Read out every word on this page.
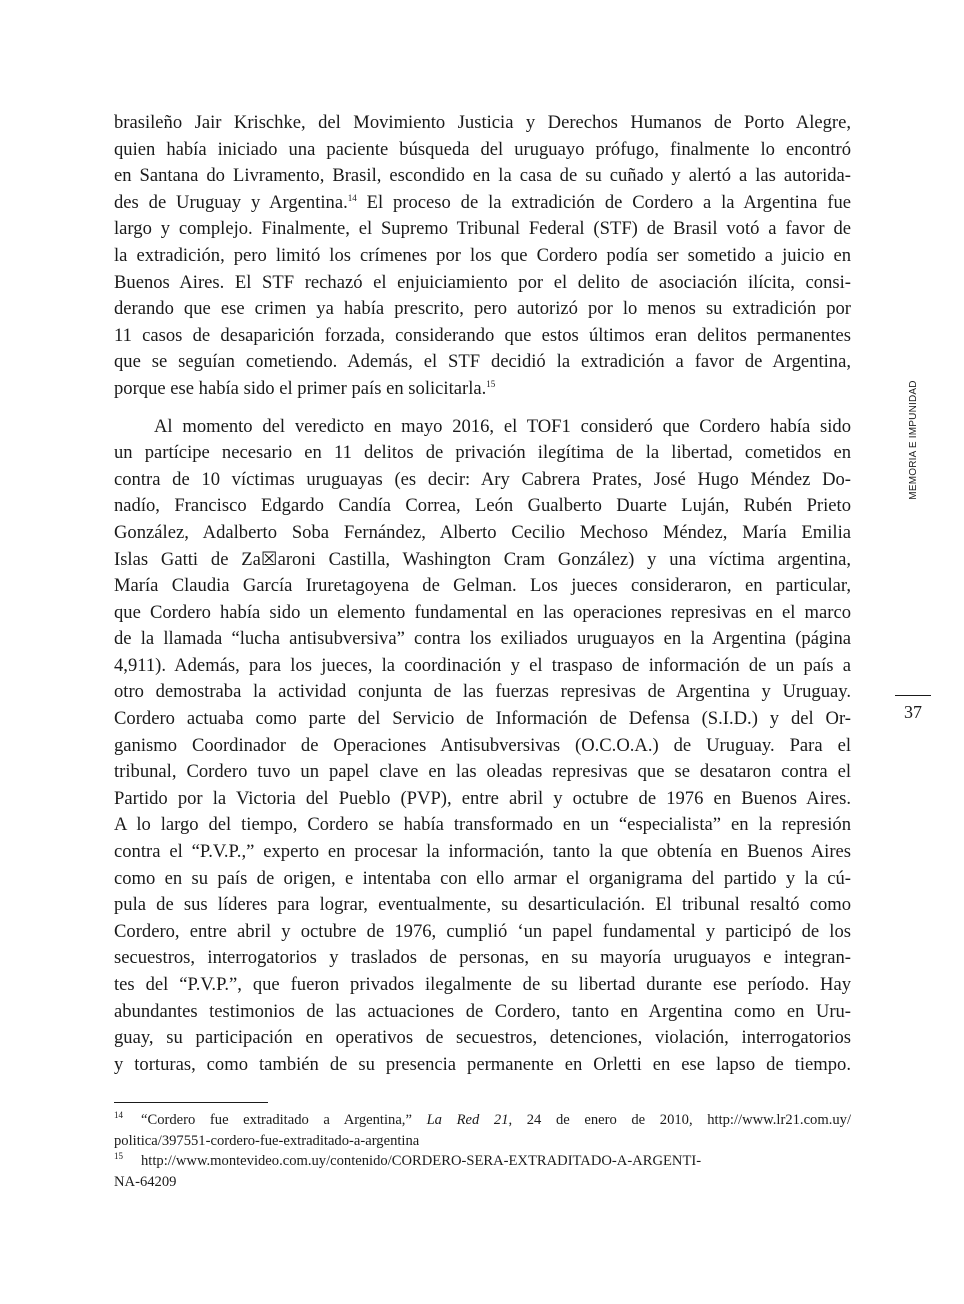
brasileño Jair Krischke, del Movimiento Justicia y Derechos Humanos de Porto Alegre,
quien había iniciado una paciente búsqueda del uruguayo prófugo, finalmente lo encontró
en Santana do Livramento, Brasil, escondido en la casa de su cuñado y alertó a las autorida-
des de Uruguay y Argentina.$^{14}$ El proceso de la extradición de Cordero a la Argentina fue
largo y complejo. Finalmente, el Supremo Tribunal Federal (STF) de Brasil votó a favor de
la extradición, pero limitó los crímenes por los que Cordero podía ser sometido a juicio en
Buenos Aires. El STF rechazó el enjuiciamiento por el delito de asociación ilícita, consi-
derando que ese crimen ya había prescrito, pero autorizó por lo menos su extradición por
11 casos de desaparición forzada, considerando que estos últimos eran delitos permanentes
que se seguían cometiendo. Además, el STF decidió la extradición a favor de Argentina,
porque ese había sido el primer país en solicitarla.$^{15}$
Al momento del veredicto en mayo 2016, el TOF1 consideró que Cordero había sido
un partícipe necesario en 11 delitos de privación ilegítima de la libertad, cometidos en
contra de 10 víctimas uruguayas (es decir: Ary Cabrera Prates, José Hugo Méndez Do-
nadío, Francisco Edgardo Candía Correa, León Gualberto Duarte Luján, Rubén Prieto
González, Adalberto Soba Fernández, Alberto Cecilio Mechoso Méndez, María Emilia
Islas Gatti de Za☒aroni Castilla, Washington Cram González) y una víctima argentina,
María Claudia García Iruretagoyena de Gelman. Los jueces consideraron, en particular,
que Cordero había sido un elemento fundamental en las operaciones represivas en el marco
de la llamada “lucha antisubversiva” contra los exiliados uruguayos en la Argentina (página
4,911). Además, para los jueces, la coordinación y el traspaso de información de un país a
otro demostraba la actividad conjunta de las fuerzas represivas de Argentina y Uruguay.
Cordero actuaba como parte del Servicio de Información de Defensa (S.I.D.) y del Or-
ganismo Coordinador de Operaciones Antisubversivas (O.C.O.A.) de Uruguay. Para el
tribunal, Cordero tuvo un papel clave en las oleadas represivas que se desataron contra el
Partido por la Victoria del Pueblo (PVP), entre abril y octubre de 1976 en Buenos Aires.
A lo largo del tiempo, Cordero se había transformado en un “especialista” en la represión
contra el “P.V.P.,” experto en procesar la información, tanto la que obtenía en Buenos Aires
como en su país de origen, e intentaba con ello armar el organigrama del partido y la cú-
pula de sus líderes para lograr, eventualmente, su desarticulación. El tribunal resaltó como
Cordero, entre abril y octubre de 1976, cumplió ‘un papel fundamental y participó de los
secuestros, interrogatorios y traslados de personas, en su mayoría uruguayos e integran-
tes del “P.V.P.”, que fueron privados ilegalmente de su libertad durante ese período. Hay
abundantes testimonios de las actuaciones de Cordero, tanto en Argentina como en Uru-
guay, su participación en operativos de secuestros, detenciones, violación, interrogatorios
y torturas, como también de su presencia permanente en Orletti en ese lapso de tiempo.
MEMORIA E IMPUNIDAD
37
$^{14}$ “Cordero fue extraditado a Argentina,” La Red 21, 24 de enero de 2010, http://www.lr21.com.uy/
politica/397551-cordero-fue-extraditado-a-argentina
$^{15}$ http://www.montevideo.com.uy/contenido/CORDERO-SERA-EXTRADITADO-A-ARGENTI-
NA-64209
